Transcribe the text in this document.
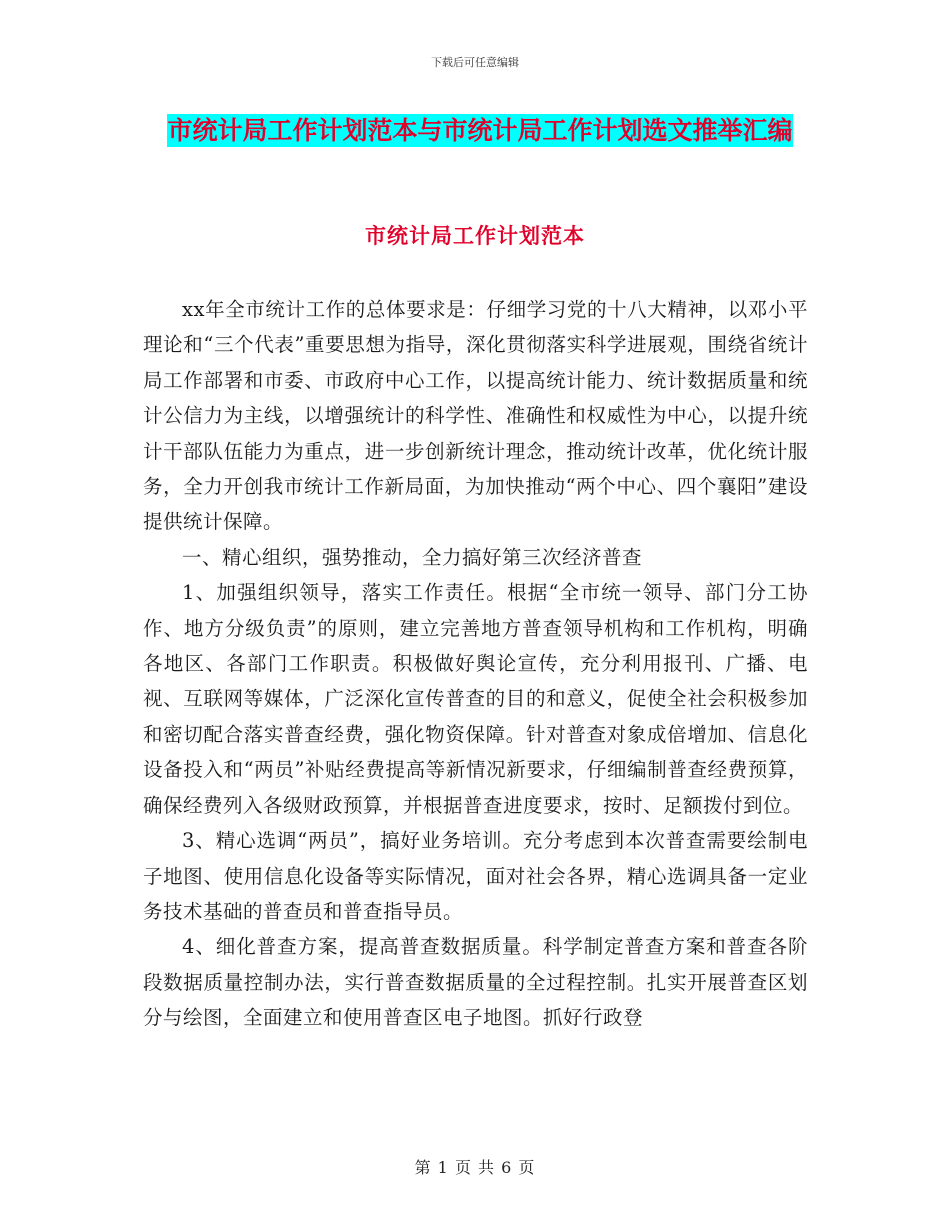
下载后可任意编辑
市统计局工作计划范本与市统计局工作计划选文推举汇编
市统计局工作计划范本

xx年全市统计工作的总体要求是：仔细学习党的十八大精神，以邓小平理论和“三个代表”重要思想为指导，深化贯彻落实科学进展观，围绕省统计局工作部署和市委、市政府中心工作，以提高统计能力、统计数据质量和统计公信力为主线，以增强统计的科学性、准确性和权威性为中心，以提升统计干部队伍能力为重点，进一步创新统计理念，推动统计改革，优化统计服务，全力开创我市统计工作新局面，为加快推动“两个中心、四个襄阳”建设提供统计保障。

一、精心组织，强势推动，全力搞好第三次经济普查

1、加强组织领导，落实工作责任。根据“全市统一领导、部门分工协作、地方分级负责”的原则，建立完善地方普查领导机构和工作机构，明确各地区、各部门工作职责。积极做好舆论宣传，充分利用报刊、广播、电视、互联网等媒体，广泛深化宣传普查的目的和意义，促使全社会积极参加和密切配合落实普查经费，强化物资保障。针对普查对象成倍增加、信息化设备投入和“两员”补贴经费提高等新情况新要求，仔细编制普查经费预算，确保经费列入各级财政预算，并根据普查进度要求，按时、足额拨付到位。

3、精心选调“两员”，搞好业务培训。充分考虑到本次普查需要绘制电子地图、使用信息化设备等实际情况，面对社会各界，精心选调具备一定业务技术基础的普查员和普查指导员。

4、细化普查方案，提高普查数据质量。科学制定普查方案和普查各阶段数据质量控制办法，实行普查数据质量的全过程控制。扎实开展普查区划分与绘图，全面建立和使用普查区电子地图。抓好行政登

第 1 页 共 6 页
